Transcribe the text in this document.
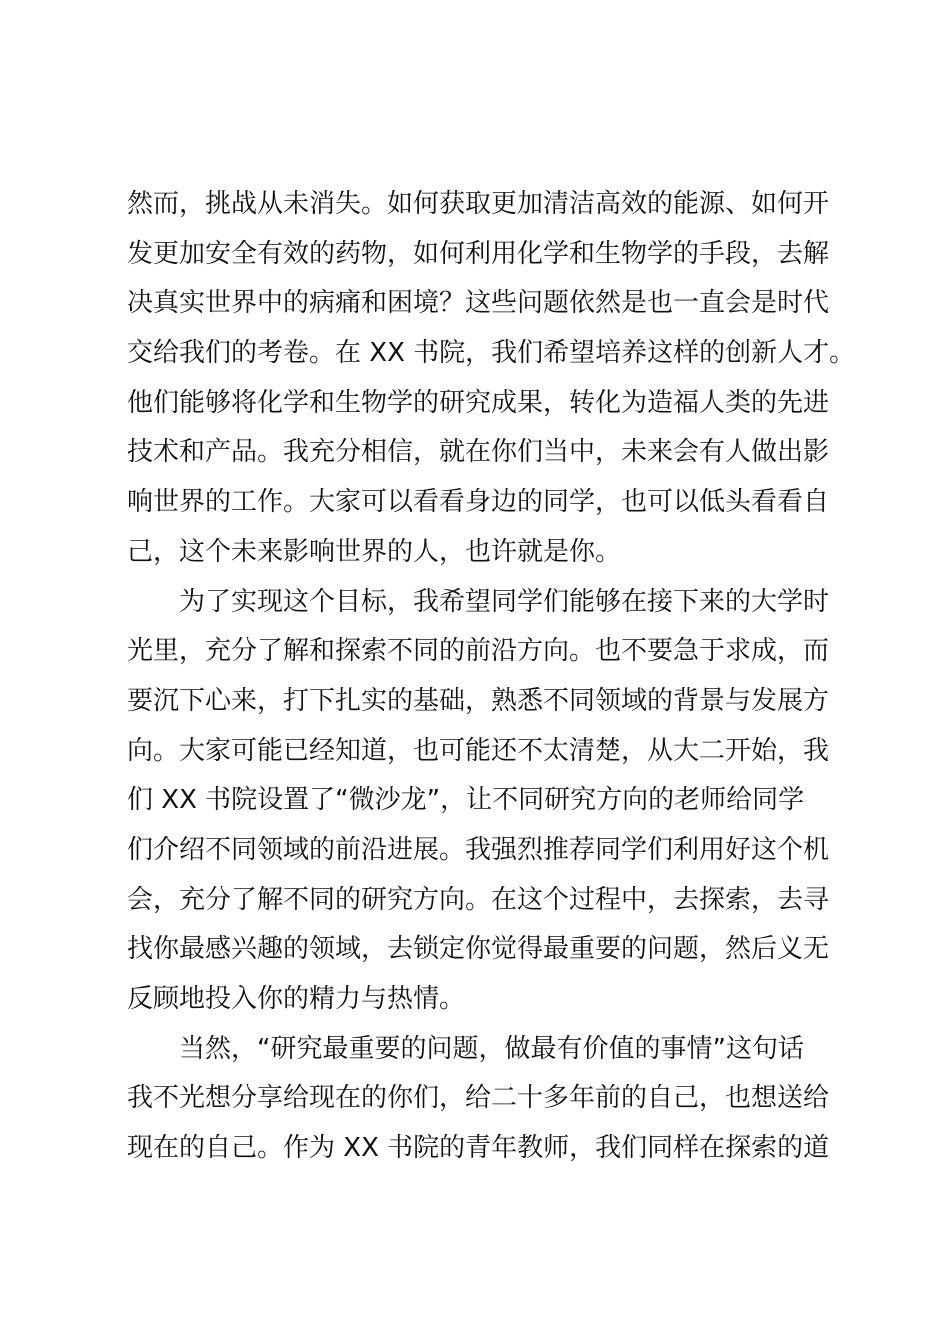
然而，挑战从未消失。如何获取更加清洁高效的能源、如何开
发更加安全有效的药物，如何利用化学和生物学的手段，去解
决真实世界中的病痛和困境？这些问题依然是也一直会是时代
交给我们的考卷。在 XX 书院，我们希望培养这样的创新人才。
他们能够将化学和生物学的研究成果，转化为造福人类的先进
技术和产品。我充分相信，就在你们当中，未来会有人做出影
响世界的工作。大家可以看看身边的同学，也可以低头看看自
己，这个未来影响世界的人，也许就是你。
　　为了实现这个目标，我希望同学们能够在接下来的大学时
光里，充分了解和探索不同的前沿方向。也不要急于求成，而
要沉下心来，打下扎实的基础，熟悉不同领域的背景与发展方
向。大家可能已经知道，也可能还不太清楚，从大二开始，我
们 XX 书院设置了“微沙龙”，让不同研究方向的老师给同学
们介绍不同领域的前沿进展。我强烈推荐同学们利用好这个机
会，充分了解不同的研究方向。在这个过程中，去探索，去寻
找你最感兴趣的领域，去锁定你觉得最重要的问题，然后义无
反顾地投入你的精力与热情。
　　当然，“研究最重要的问题，做最有价值的事情”这句话
我不光想分享给现在的你们，给二十多年前的自己，也想送给
现在的自己。作为 XX 书院的青年教师，我们同样在探索的道
